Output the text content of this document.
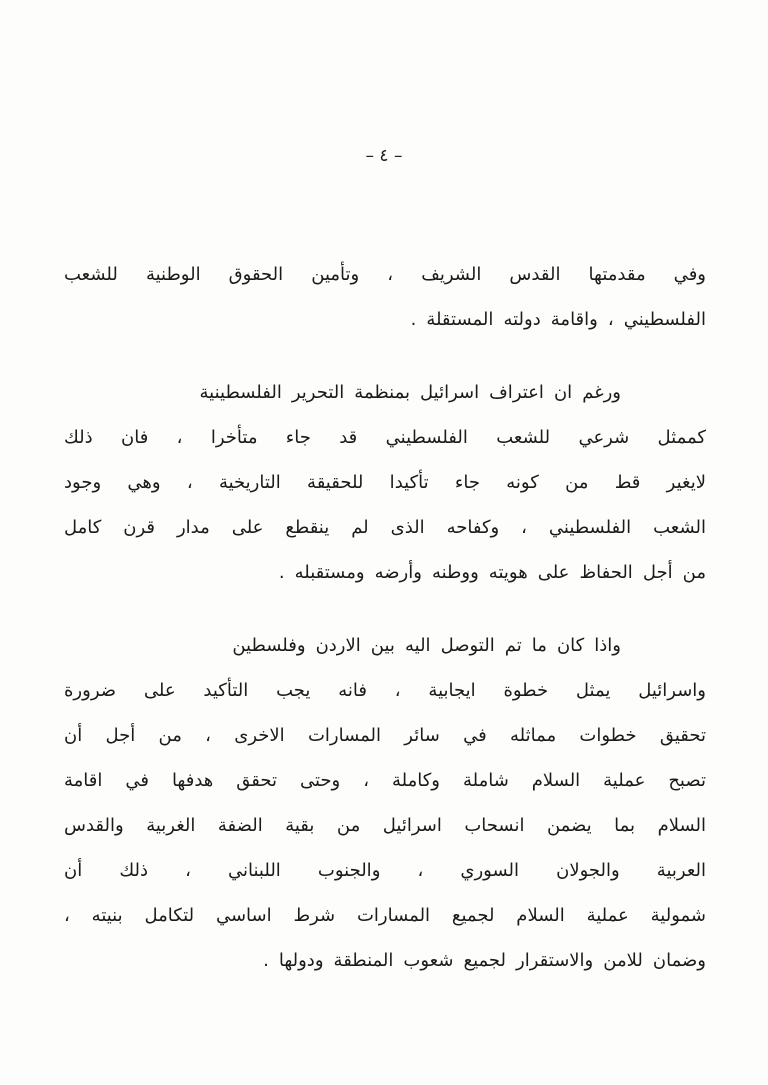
– ٤ –
وفي مقدمتها القدس الشريف ، وتأمين الحقوق الوطنية للشعب
الفلسطيني ، واقامة دولته المستقلة .
ورغم ان اعتراف اسرائيل بمنظمة التحرير الفلسطينية
كممثل شرعي للشعب الفلسطيني قد جاء متأخرا ، فان ذلك
لايغير قط من كونه جاء تأكيدا للحقيقة التاريخية ، وهي وجود
الشعب الفلسطيني ، وكفاحه الذى لم ينقطع على مدار قرن كامل
من أجل الحفاظ على هويته ووطنه وأرضه ومستقبله .
واذا كان ما تم التوصل اليه بين الاردن وفلسطين
واسرائيل يمثل خطوة ايجابية ، فانه يجب التأكيد على ضرورة
تحقيق خطوات مماثله في سائر المسارات الاخرى ، من أجل أن
تصبح عملية السلام شاملة وكاملة ، وحتى تحقق هدفها في اقامة
السلام بما يضمن انسحاب اسرائيل من بقية الضفة الغربية والقدس
العربية والجولان السوري ، والجنوب اللبناني ، ذلك أن
شمولية عملية السلام لجميع المسارات شرط اساسي لتكامل بنيته ،
وضمان للامن والاستقرار لجميع شعوب المنطقة ودولها .
